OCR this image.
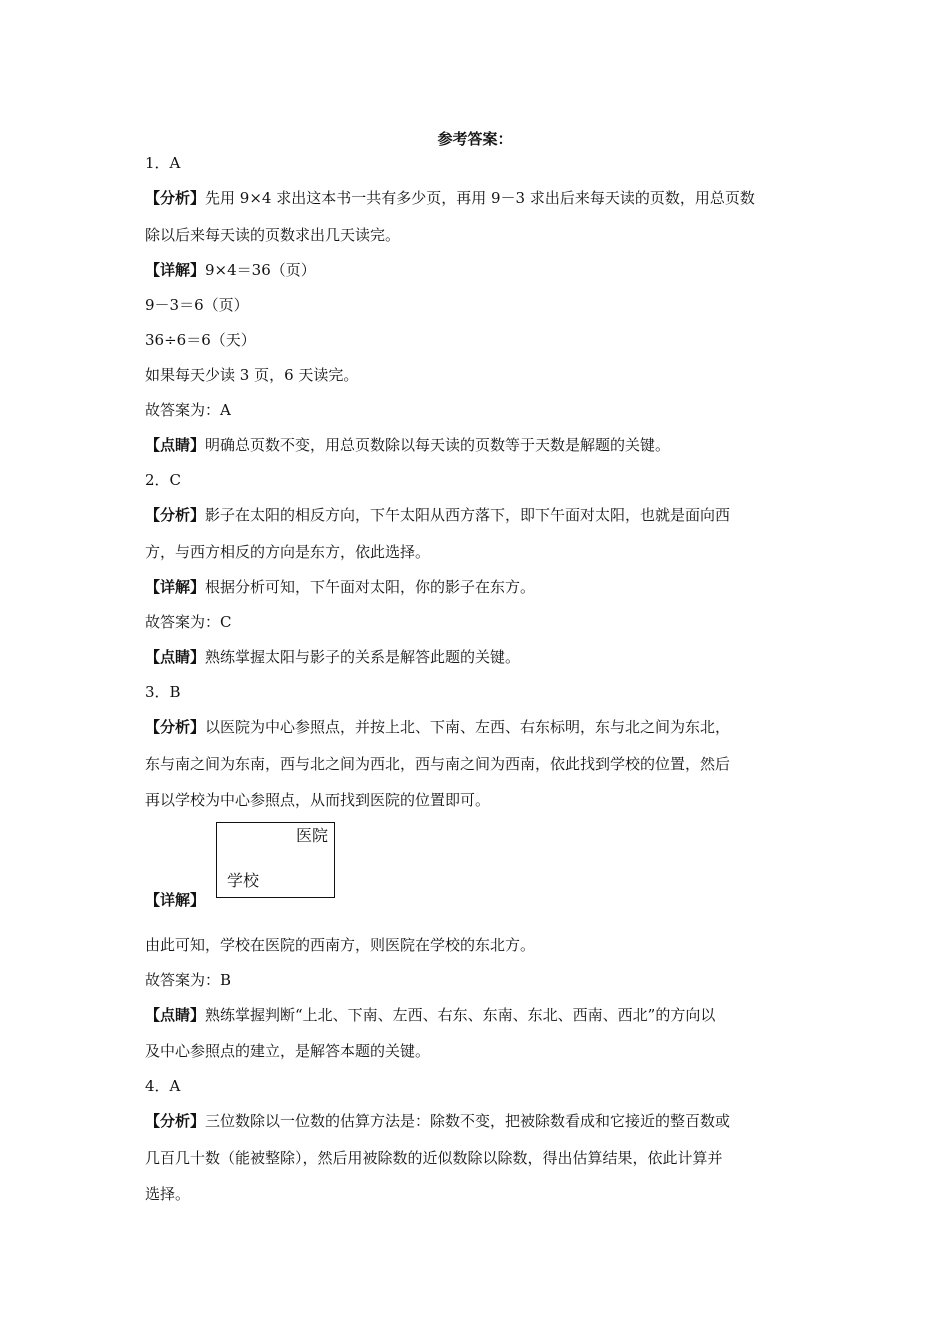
参考答案：
1．A
【分析】先用 9×4 求出这本书一共有多少页，再用 9－3 求出后来每天读的页数，用总页数
除以后来每天读的页数求出几天读完。
【详解】9×4＝36（页）
9－3＝6（页）
36÷6＝6（天）
如果每天少读 3 页，6 天读完。
故答案为：A
【点睛】明确总页数不变，用总页数除以每天读的页数等于天数是解题的关键。
2．C
【分析】影子在太阳的相反方向，下午太阳从西方落下，即下午面对太阳，也就是面向西
方，与西方相反的方向是东方，依此选择。
【详解】根据分析可知，下午面对太阳，你的影子在东方。
故答案为：C
【点睛】熟练掌握太阳与影子的关系是解答此题的关键。
3．B
【分析】以医院为中心参照点，并按上北、下南、左西、右东标明，东与北之间为东北，
东与南之间为东南，西与北之间为西北，西与南之间为西南，依此找到学校的位置，然后
再以学校为中心参照点，从而找到医院的位置即可。
【详解】
医院
学校
由此可知，学校在医院的西南方，则医院在学校的东北方。
故答案为：B
【点睛】熟练掌握判断“上北、下南、左西、右东、东南、东北、西南、西北”的方向以
及中心参照点的建立，是解答本题的关键。
4．A
【分析】三位数除以一位数的估算方法是：除数不变，把被除数看成和它接近的整百数或
几百几十数（能被整除），然后用被除数的近似数除以除数，得出估算结果，依此计算并
选择。
